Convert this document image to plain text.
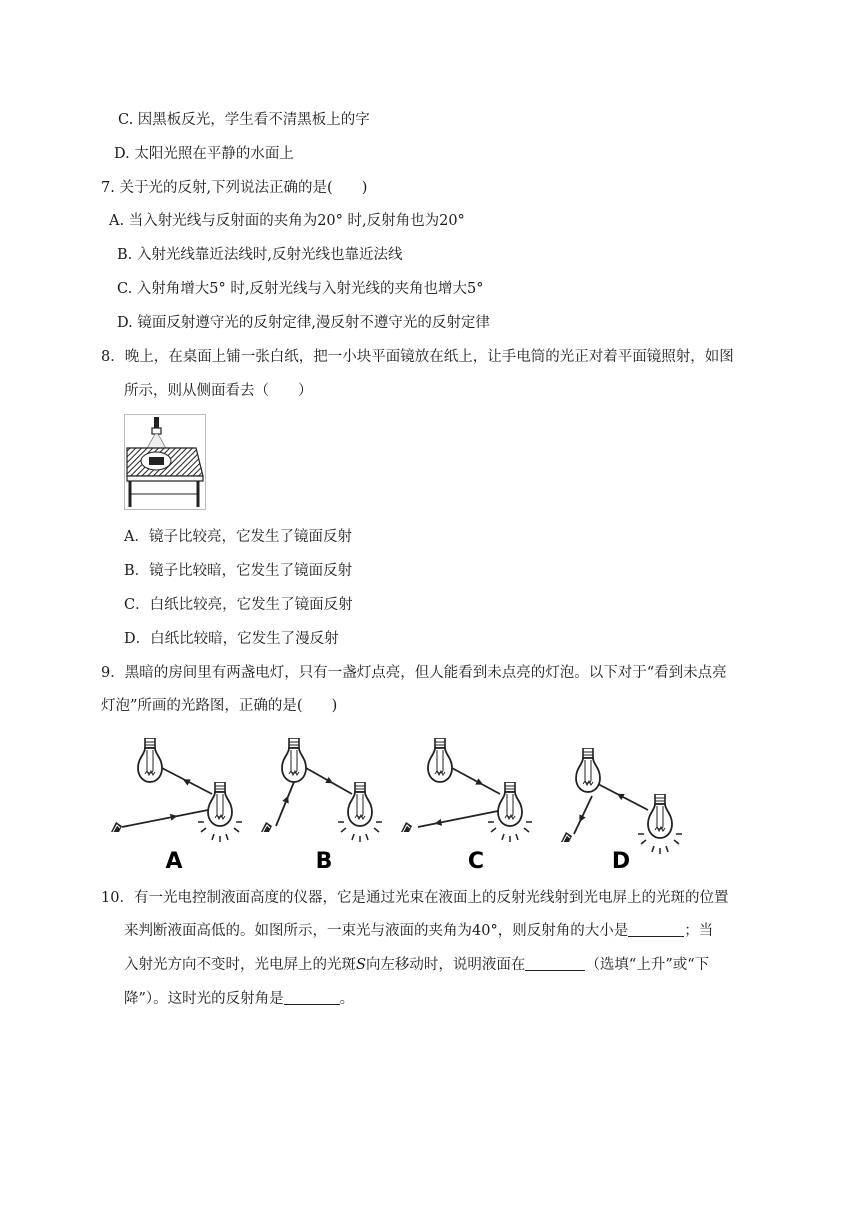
C. 因黑板反光，学生看不清黑板上的字
D. 太阳光照在平静的水面上
7. 关于光的反射,下列说法正确的是(　　)
A. 当入射光线与反射面的夹角为20° 时,反射角也为20°
B. 入射光线靠近法线时,反射光线也靠近法线
C. 入射角增大5° 时,反射光线与入射光线的夹角也增大5°
D. 镜面反射遵守光的反射定律,漫反射不遵守光的反射定律
8．晚上，在桌面上铺一张白纸，把一小块平面镜放在纸上，让手电筒的光正对着平面镜照射，如图
所示，则从侧面看去（　　）
A．镜子比较亮，它发生了镜面反射
B．镜子比较暗，它发生了镜面反射
C．白纸比较亮，它发生了镜面反射
D．白纸比较暗，它发生了漫反射
9．黑暗的房间里有两盏电灯，只有一盏灯点亮，但人能看到未点亮的灯泡。以下对于“看到未点亮
灯泡”所画的光路图，正确的是(　　)
A	B	C	D
10．有一光电控制液面高度的仪器，它是通过光束在液面上的反射光线射到光电屏上的光斑的位置
来判断液面高低的。如图所示，一束光与液面的夹角为40°，则反射角的大小是	；当
入射光方向不变时，光电屏上的光斑S向左移动时，说明液面在	（选填“上升”或“下
降”）。这时光的反射角是	。
